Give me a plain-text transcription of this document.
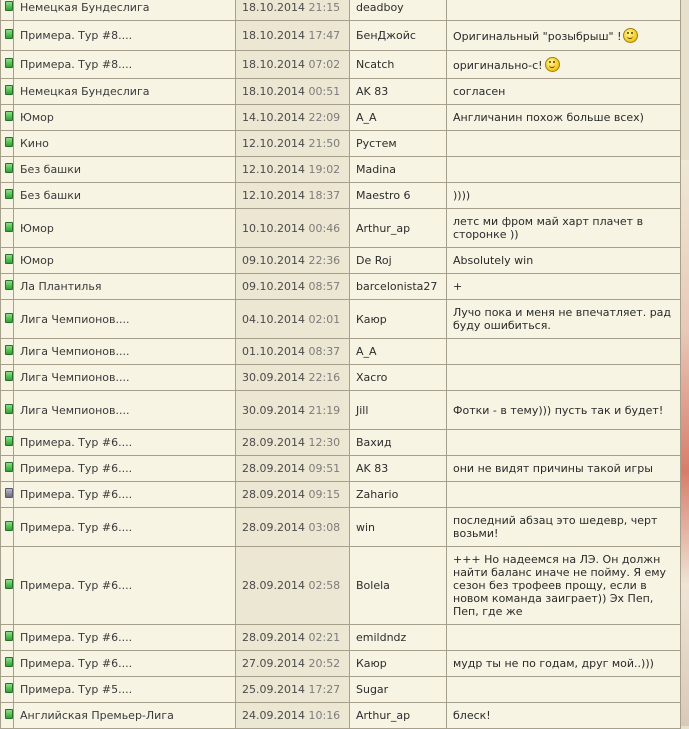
	Немецкая Бундеслига	18.10.2014 21:15	deadboy	
	Примера. Тур #8....	18.10.2014 17:47	БенДжойс	Оригинальный "розыбрыш" !
	Примера. Тур #8....	18.10.2014 07:02	Ncatch	оригинально-с!
	Немецкая Бундеслига	18.10.2014 00:51	AK 83	согласен
	Юмор	14.10.2014 22:09	A_A	Англичанин похож больше всех)
	Кино	12.10.2014 21:50	Рустем	
	Без башки	12.10.2014 19:02	Madina	
	Без башки	12.10.2014 18:37	Maestro 6	))))
	Юмор	10.10.2014 00:46	Arthur_ap	летс ми фром май харт плачет в сторонке ))
	Юмор	09.10.2014 22:36	De Roj	Absolutely win
	Ла Плантилья	09.10.2014 08:57	barcelonista27	+
	Лига Чемпионов....	04.10.2014 02:01	Каюр	Лучо пока и меня не впечатляет. рад буду ошибиться.
	Лига Чемпионов....	01.10.2014 08:37	A_A	
	Лига Чемпионов....	30.09.2014 22:16	Xacro	
	Лига Чемпионов....	30.09.2014 21:19	Jill	Фотки - в тему))) пусть так и будет!
	Примера. Тур #6....	28.09.2014 12:30	Вахид	
	Примера. Тур #6....	28.09.2014 09:51	AK 83	они не видят причины такой игры
	Примера. Тур #6....	28.09.2014 09:15	Zahario	
	Примера. Тур #6....	28.09.2014 03:08	win	последний абзац это шедевр, черт возьми!
	Примера. Тур #6....	28.09.2014 02:58	Bolela	+++ Но надеемся на ЛЭ. Он должн найти баланс иначе не пойму. Я ему сезон без трофеев прощу, если в новом команда заиграет)) Эх Пеп, Пеп, где же
	Примера. Тур #6....	28.09.2014 02:21	emildndz	
	Примера. Тур #6....	27.09.2014 20:52	Каюр	мудр ты не по годам, друг мой..)))
	Примера. Тур #5....	25.09.2014 17:27	Sugar	
	Английская Премьер-Лига	24.09.2014 10:16	Arthur_ap	блеск!
